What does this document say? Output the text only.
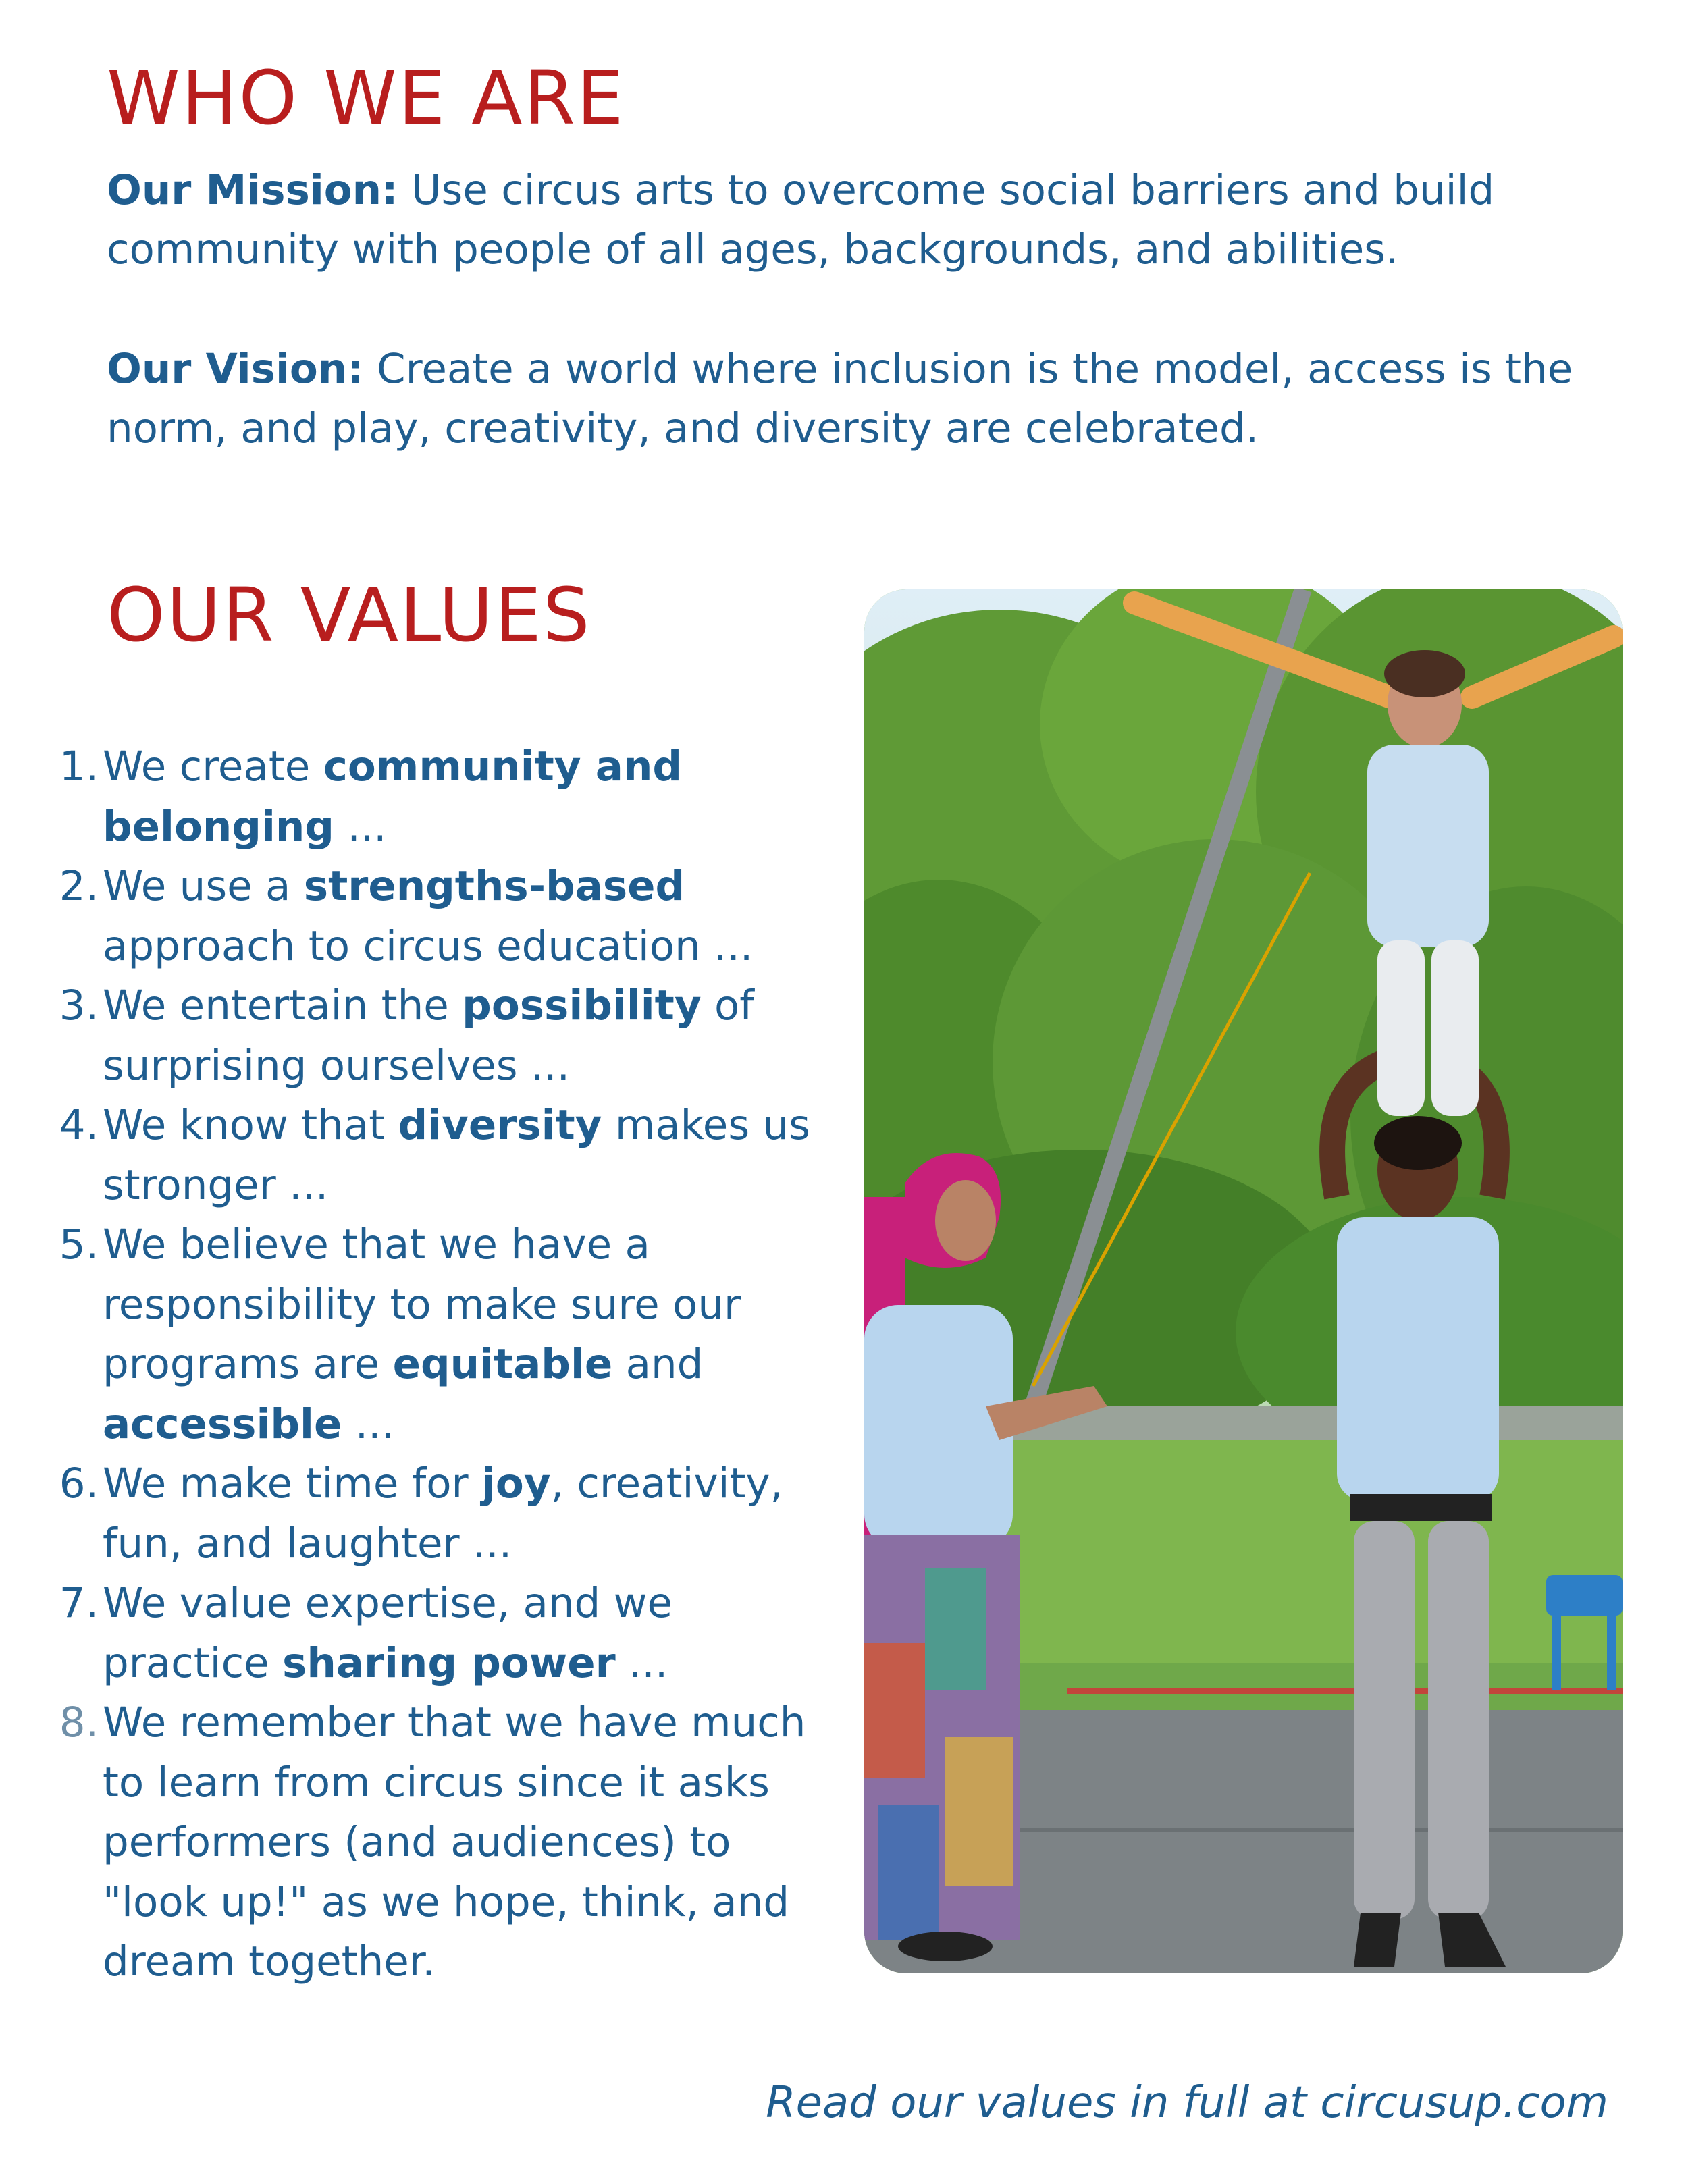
WHO WE ARE

Our Mission: Use circus arts to overcome social barriers and build community with people of all ages, backgrounds, and abilities.

Our Vision: Create a world where inclusion is the model, access is the norm, and play, creativity, and diversity are celebrated.

OUR VALUES
1. We create community and belonging ...
2. We use a strengths-based approach to circus education ...
3. We entertain the possibility of surprising ourselves ...
4. We know that diversity makes us stronger ...
5. We believe that we have a responsibility to make sure our programs are equitable and accessible ...
6. We make time for joy, creativity, fun, and laughter ...
7. We value expertise, and we practice sharing power ...
8. We remember that we have much to learn from circus since it asks performers (and audiences) to "look up!" as we hope, think, and dream together.
Read our values in full at circusup.com
